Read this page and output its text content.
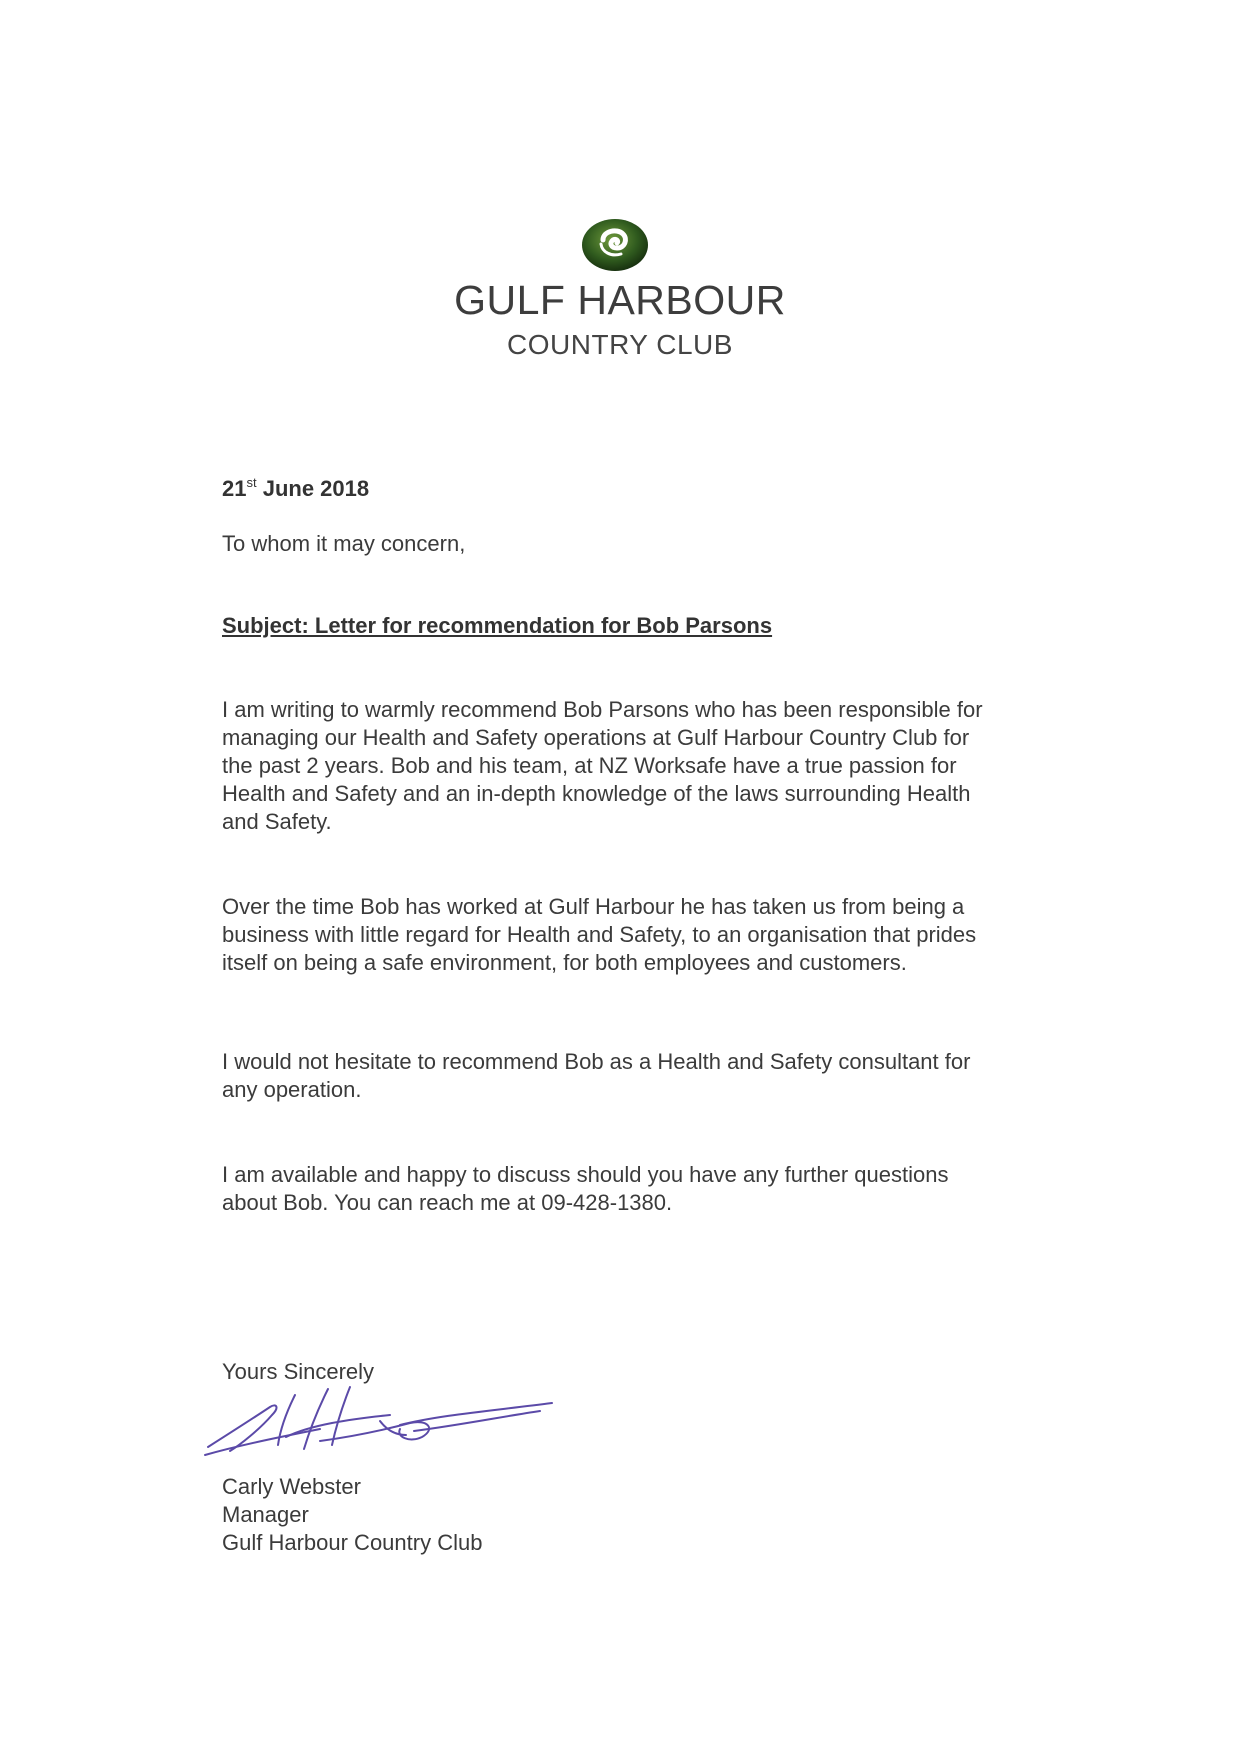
GULF HARBOUR
COUNTRY CLUB
21st June 2018
To whom it may concern,
Subject: Letter for recommendation for Bob Parsons
I am writing to warmly recommend Bob Parsons who has been responsible for managing our Health and Safety operations at Gulf Harbour Country Club for the past 2 years. Bob and his team, at NZ Worksafe have a true passion for Health and Safety and an in-depth knowledge of the laws surrounding Health and Safety.
Over the time Bob has worked at Gulf Harbour he has taken us from being a business with little regard for Health and Safety, to an organisation that prides itself on being a safe environment, for both employees and customers.
I would not hesitate to recommend Bob as a Health and Safety consultant for any operation.
I am available and happy to discuss should you have any further questions about Bob. You can reach me at 09-428-1380.
Yours Sincerely
Carly Webster
Manager
Gulf Harbour Country Club
